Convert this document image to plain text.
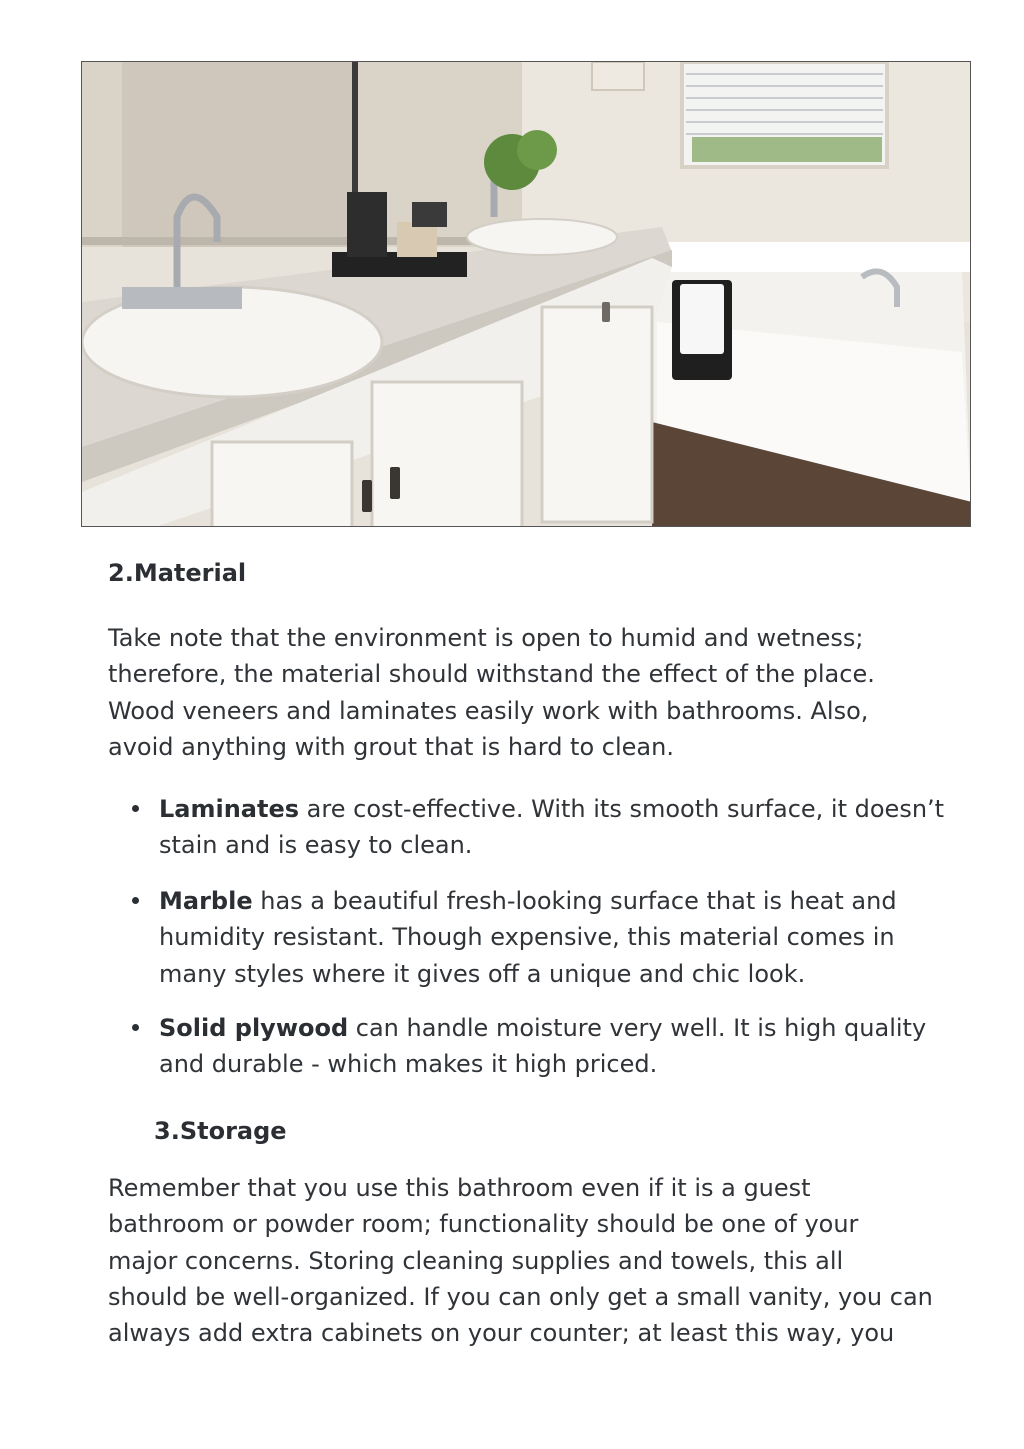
2.Material

Take note that the environment is open to humid and wetness;
therefore, the material should withstand the effect of the place.
Wood veneers and laminates easily work with bathrooms. Also,
avoid anything with grout that is hard to clean.

Laminates are cost-effective. With its smooth surface, it doesn’t
stain and is easy to clean.
Marble has a beautiful fresh-looking surface that is heat and
humidity resistant. Though expensive, this material comes in
many styles where it gives off a unique and chic look.
Solid plywood can handle moisture very well. It is high quality
and durable - which makes it high priced.
3.Storage

Remember that you use this bathroom even if it is a guest
bathroom or powder room; functionality should be one of your
major concerns. Storing cleaning supplies and towels, this all
should be well-organized. If you can only get a small vanity, you can
always add extra cabinets on your counter; at least this way, you
